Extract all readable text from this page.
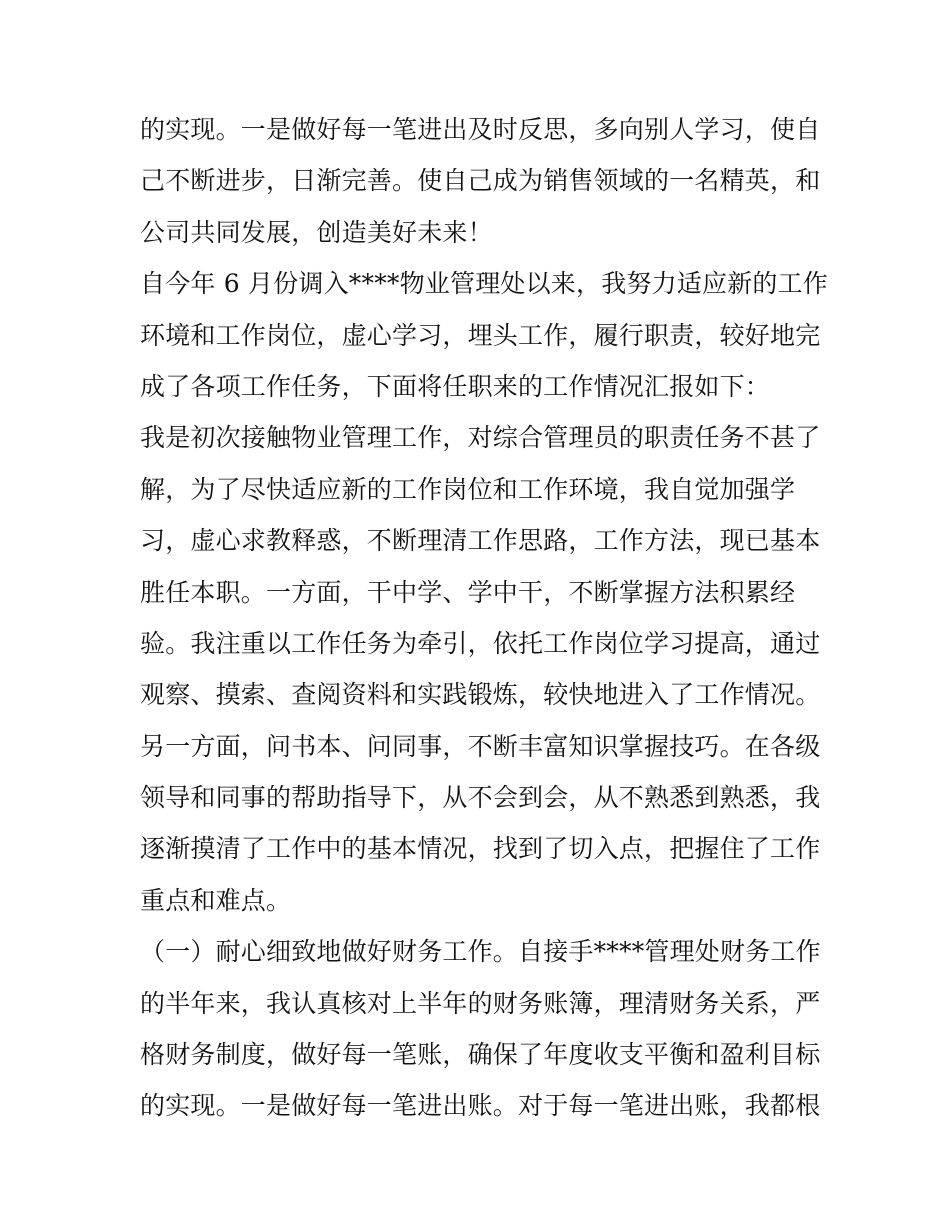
的实现。一是做好每一笔进出及时反思，多向别人学习，使自
己不断进步，日渐完善。使自己成为销售领域的一名精英，和
公司共同发展，创造美好未来！
自今年 6 月份调入****物业管理处以来，我努力适应新的工作
环境和工作岗位，虚心学习，埋头工作，履行职责，较好地完
成了各项工作任务，下面将任职来的工作情况汇报如下：
我是初次接触物业管理工作，对综合管理员的职责任务不甚了
解，为了尽快适应新的工作岗位和工作环境，我自觉加强学
习，虚心求教释惑，不断理清工作思路，工作方法，现已基本
胜任本职。一方面，干中学、学中干，不断掌握方法积累经
验。我注重以工作任务为牵引，依托工作岗位学习提高，通过
观察、摸索、查阅资料和实践锻炼，较快地进入了工作情况。
另一方面，问书本、问同事，不断丰富知识掌握技巧。在各级
领导和同事的帮助指导下，从不会到会，从不熟悉到熟悉，我
逐渐摸清了工作中的基本情况，找到了切入点，把握住了工作
重点和难点。
（一）耐心细致地做好财务工作。自接手****管理处财务工作
的半年来，我认真核对上半年的财务账簿，理清财务关系，严
格财务制度，做好每一笔账，确保了年度收支平衡和盈利目标
的实现。一是做好每一笔进出账。对于每一笔进出账，我都根
